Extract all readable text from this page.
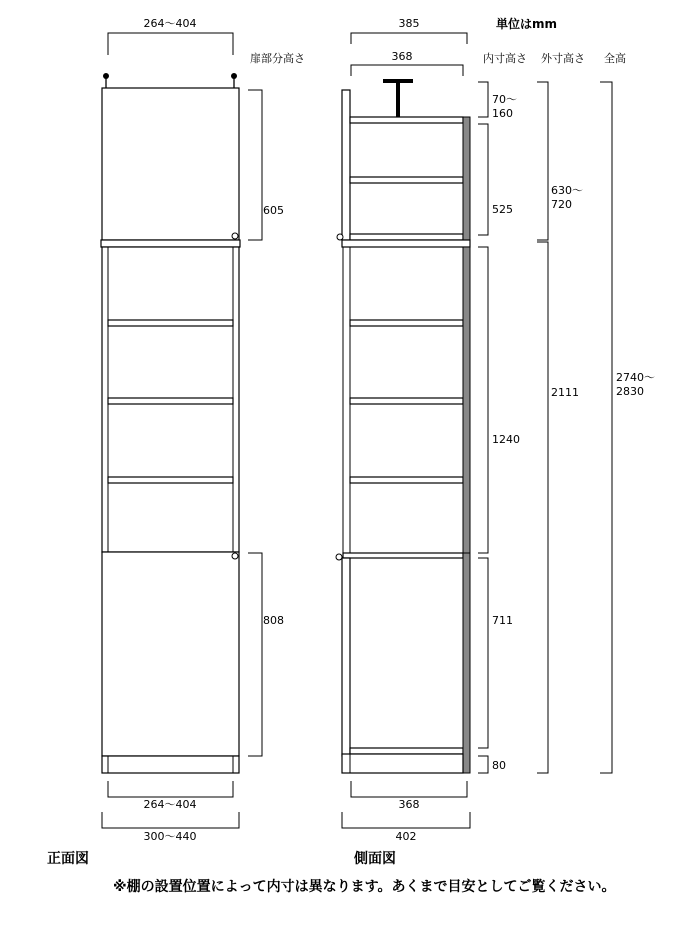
単位はmm
内寸高さ 外寸高さ 全高
264～404
扉部分高さ
605
808
264～404
300～440
正面図
385
368
368
402
側面図
70～
160
525
1240
711
80
630～
720
2111
2740～
2830
※棚の設置位置によって内寸は異なります。あくまで目安としてご覧ください。
